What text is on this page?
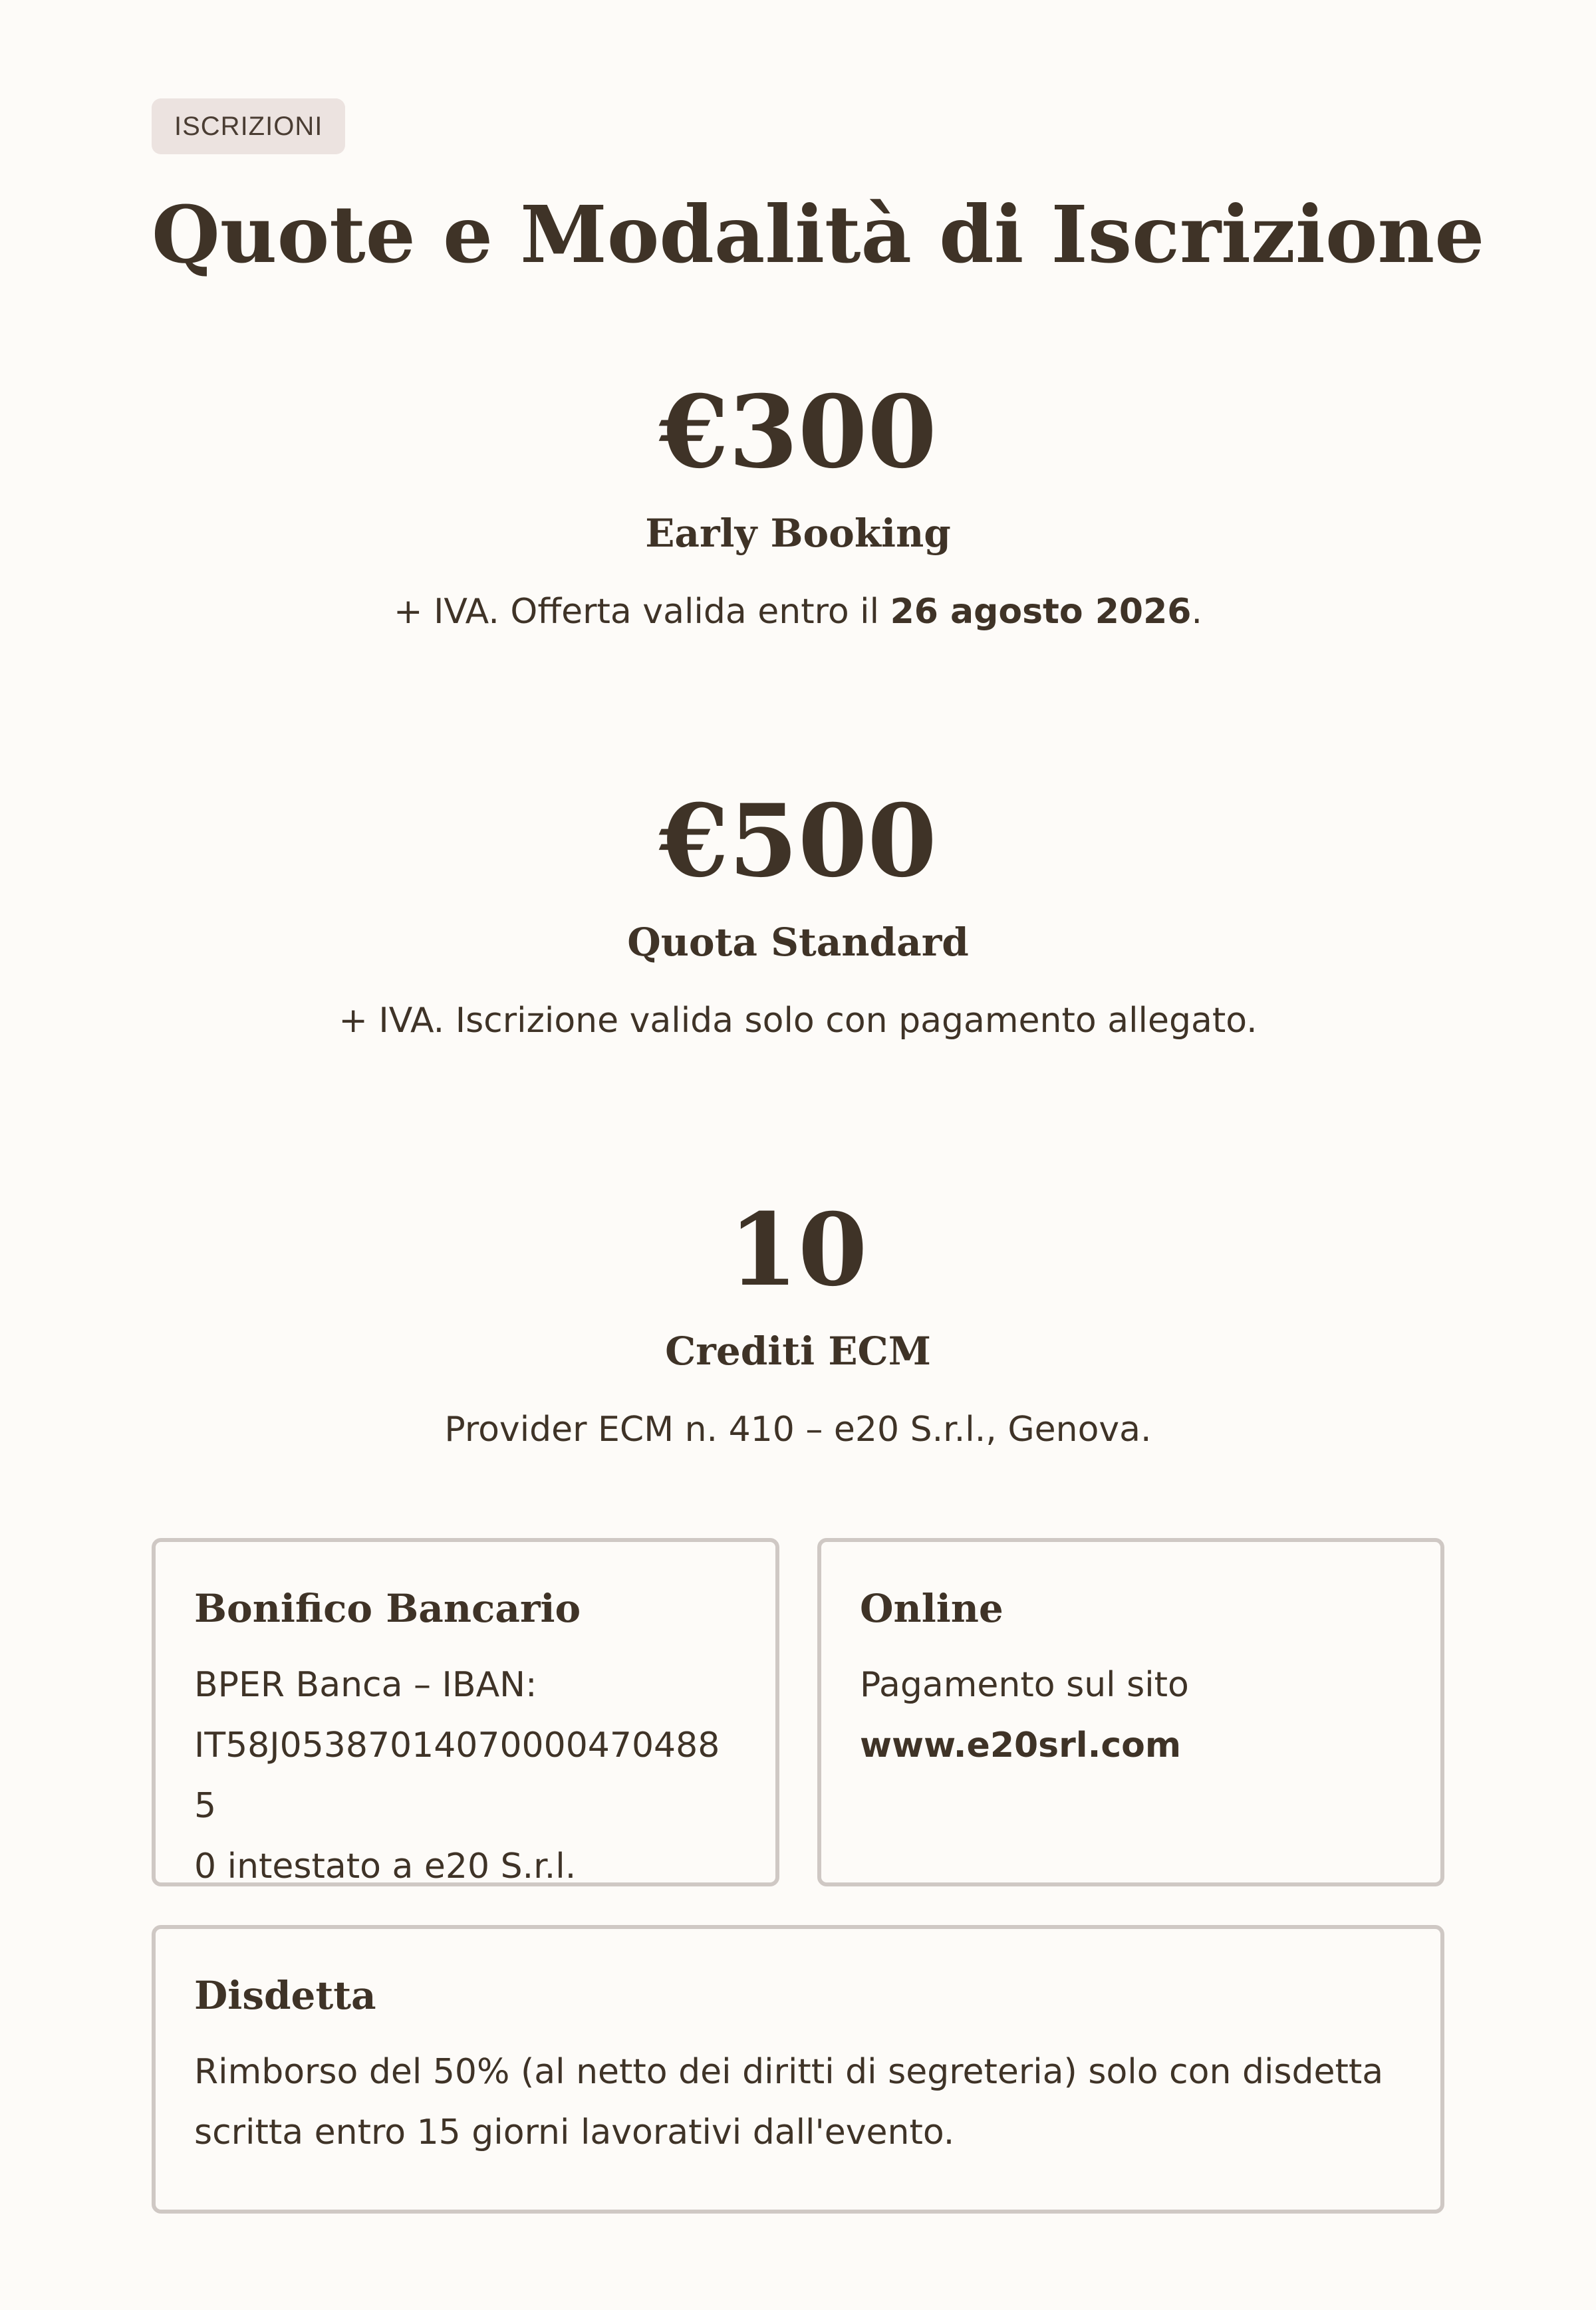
ISCRIZIONI
Quote e Modalità di Iscrizione
€300
Early Booking
+ IVA. Offerta valida entro il 26 agosto 2026.
€500
Quota Standard
+ IVA. Iscrizione valida solo con pagamento allegato.
10
Crediti ECM
Provider ECM n. 410 – e20 S.r.l., Genova.
Bonifico Bancario
BPER Banca – IBAN:
IT58J053870140700004704885
0 intestato a e20 S.r.l.
Online
Pagamento sul sito
www.e20srl.com
Disdetta
Rimborso del 50% (al netto dei diritti di segreteria) solo con disdetta scritta entro 15 giorni lavorativi dall'evento.
